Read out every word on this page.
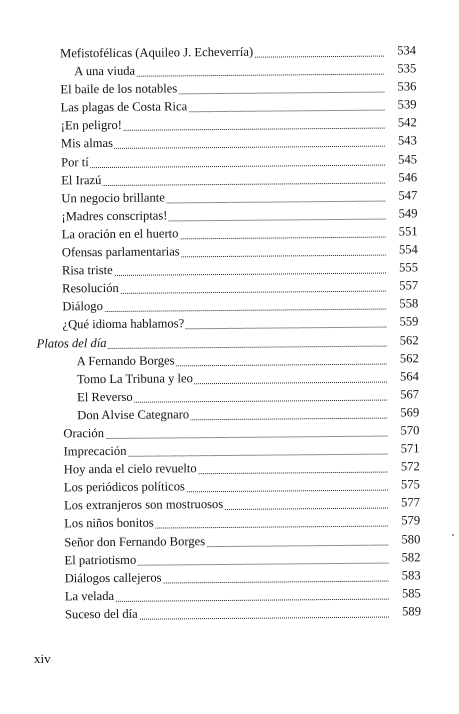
Mefistofélicas (Aquileo J. Echeverría)	534
A una viuda	535
El baile de los notables	536
Las plagas de Costa Rica	539
¡En peligro!	542
Mis almas	543
Por tí	545
El Irazú	546
Un negocio brillante	547
¡Madres conscriptas!	549
La oración en el huerto	551
Ofensas parlamentarias	554
Risa triste	555
Resolución	557
Diálogo	558
¿Qué idioma hablamos?	559
Platos del día	562
A Fernando Borges	562
Tomo La Tribuna y leo	564
El Reverso	567
Don Alvise Categnaro	569
Oración	570
Imprecación	571
Hoy anda el cielo revuelto	572
Los periódicos políticos	575
Los extranjeros son mostruosos	577
Los niños bonitos	579
Señor don Fernando Borges	580
El patriotismo	582
Diálogos callejeros	583
La velada	585
Suceso del día	589
xiv
